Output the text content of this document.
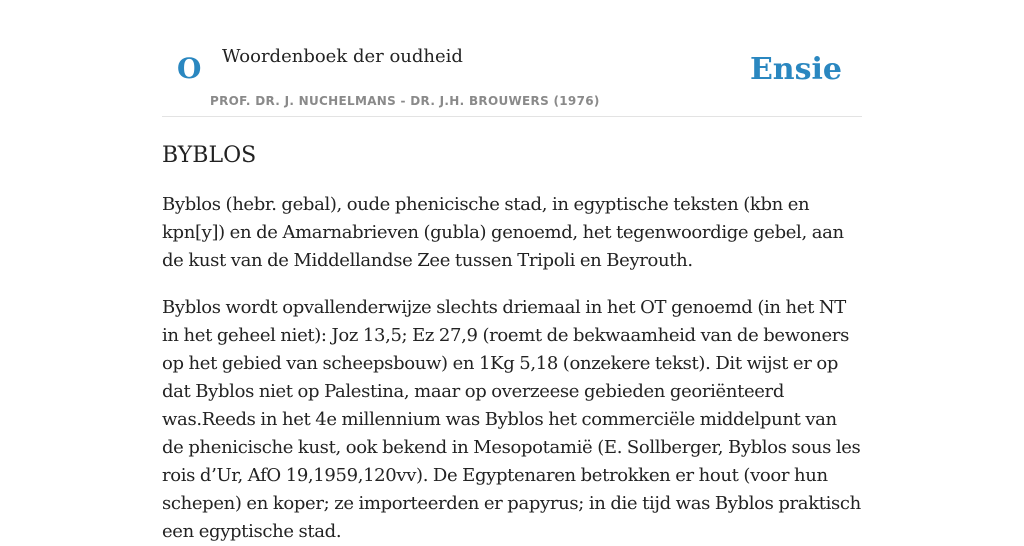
O Woordenboek der oudheid	Ensie
PROF. DR. J. NUCHELMANS - DR. J.H. BROUWERS (1976)
BYBLOS

Byblos (hebr. gebal), oude phenicische stad, in egyptische teksten (kbn en kpn[y]) en de Amarnabrieven (gubla) genoemd, het tegenwoordige gebel, aan de kust van de Middellandse Zee tussen Tripoli en Beyrouth.

Byblos wordt opvallenderwijze slechts driemaal in het OT genoemd (in het NT in het geheel niet): Joz 13,5; Ez 27,9 (roemt de bekwaamheid van de bewoners op het gebied van scheepsbouw) en 1Kg 5,18 (onzekere tekst). Dit wijst er op dat Byblos niet op Palestina, maar op overzeese gebieden georiënteerd was.Reeds in het 4e millennium was Byblos het commerciële middelpunt van de phenicische kust, ook bekend in Mesopotamië (E. Sollberger, Byblos sous les rois d’Ur, AfO 19,1959,120vv). De Egyptenaren betrokken er hout (voor hun schepen) en koper; ze importeerden er papyrus; in die tijd was Byblos praktisch een egyptische stad.
